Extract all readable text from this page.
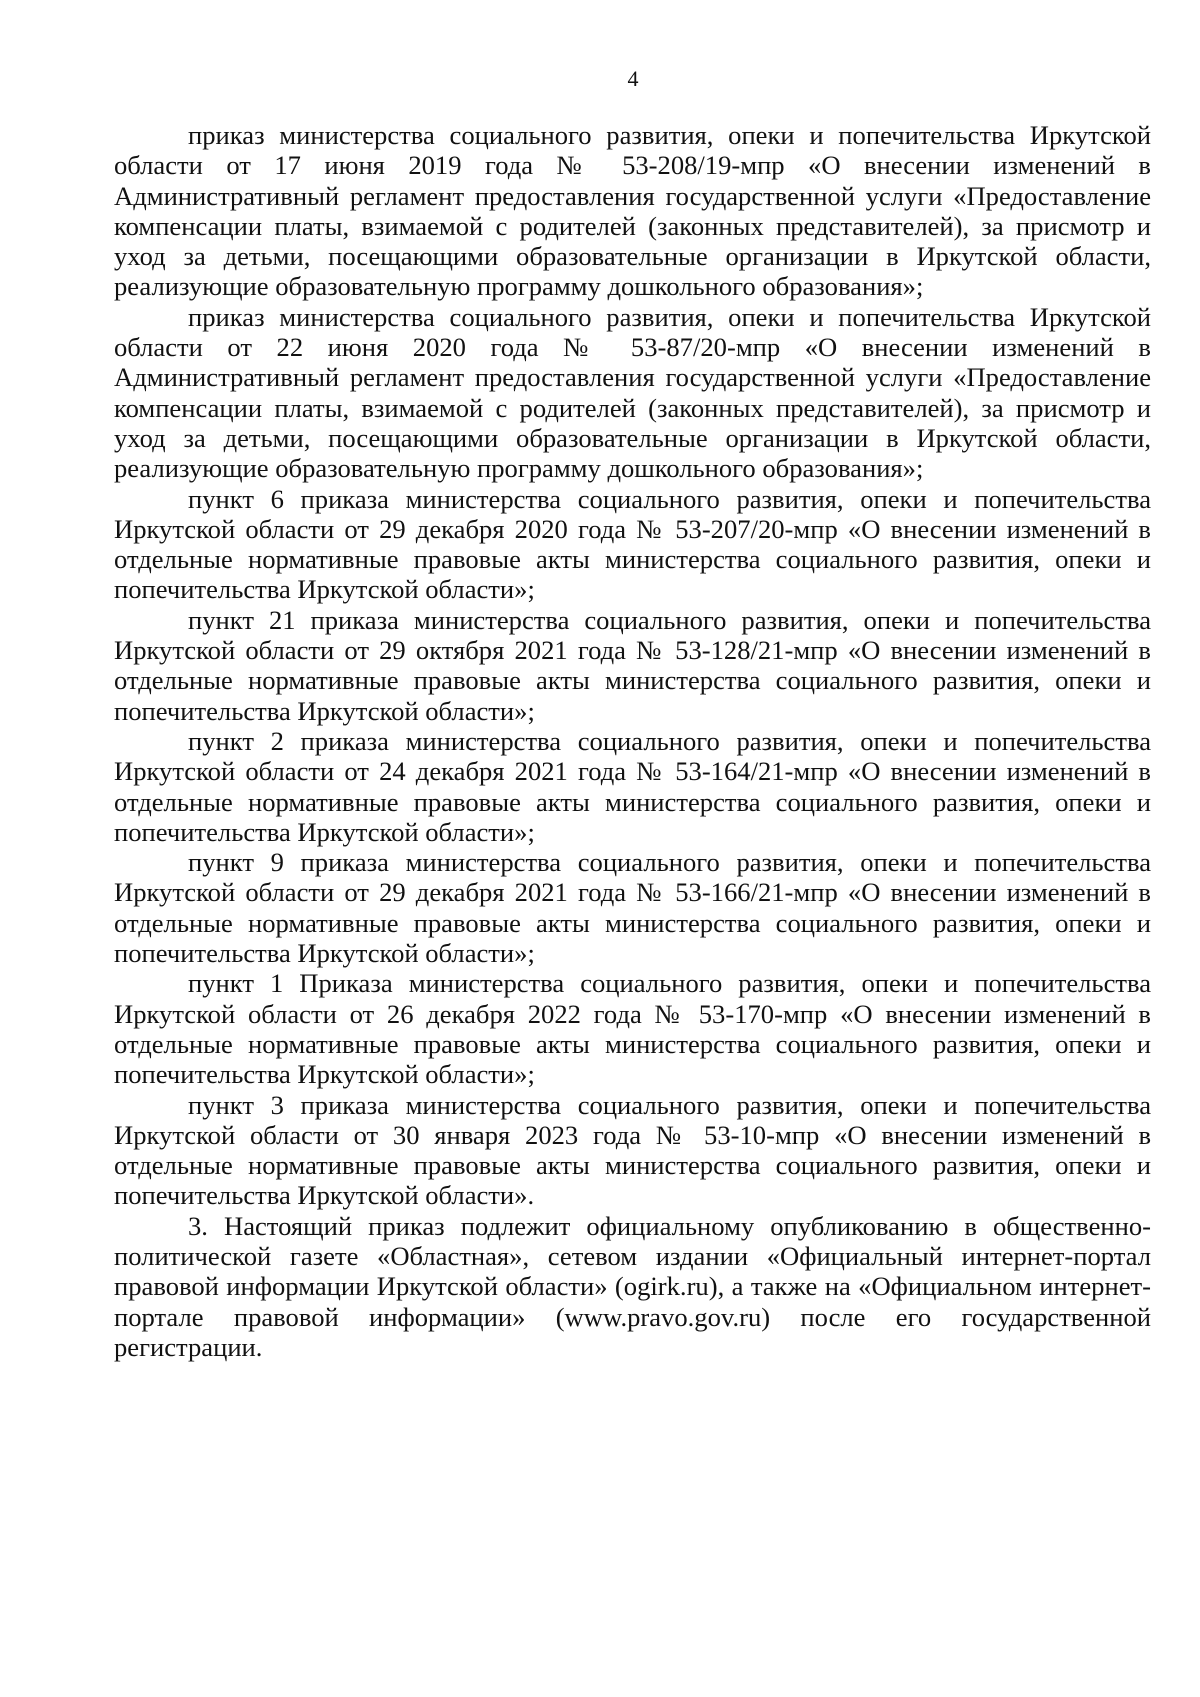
4

приказ министерства социального развития, опеки и попечительства Иркутской области от 17 июня 2019 года № 53-208/19-мпр «О внесении изменений в Административный регламент предоставления государственной услуги «Предоставление компенсации платы, взимаемой с родителей (законных представителей), за присмотр и уход за детьми, посещающими образовательные организации в Иркутской области, реализующие образовательную программу дошкольного образования»;

приказ министерства социального развития, опеки и попечительства Иркутской области от 22 июня 2020 года № 53-87/20-мпр «О внесении изменений в Административный регламент предоставления государственной услуги «Предоставление компенсации платы, взимаемой с родителей (законных представителей), за присмотр и уход за детьми, посещающими образовательные организации в Иркутской области, реализующие образовательную программу дошкольного образования»;

пункт 6 приказа министерства социального развития, опеки и попечительства Иркутской области от 29 декабря 2020 года № 53-207/20-мпр «О внесении изменений в отдельные нормативные правовые акты министерства социального развития, опеки и попечительства Иркутской области»;

пункт 21 приказа министерства социального развития, опеки и попечительства Иркутской области от 29 октября 2021 года № 53-128/21-мпр «О внесении изменений в отдельные нормативные правовые акты министерства социального развития, опеки и попечительства Иркутской области»;

пункт 2 приказа министерства социального развития, опеки и попечительства Иркутской области от 24 декабря 2021 года № 53-164/21-мпр «О внесении изменений в отдельные нормативные правовые акты министерства социального развития, опеки и попечительства Иркутской области»;

пункт 9 приказа министерства социального развития, опеки и попечительства Иркутской области от 29 декабря 2021 года № 53-166/21-мпр «О внесении изменений в отдельные нормативные правовые акты министерства социального развития, опеки и попечительства Иркутской области»;

пункт 1 Приказа министерства социального развития, опеки и попечительства Иркутской области от 26 декабря 2022 года № 53-170-мпр «О внесении изменений в отдельные нормативные правовые акты министерства социального развития, опеки и попечительства Иркутской области»;

пункт 3 приказа министерства социального развития, опеки и попечительства Иркутской области от 30 января 2023 года № 53-10-мпр «О внесении изменений в отдельные нормативные правовые акты министерства социального развития, опеки и попечительства Иркутской области».

3. Настоящий приказ подлежит официальному опубликованию в общественно-политической газете «Областная», сетевом издании «Официальный интернет-портал правовой информации Иркутской области» (ogirk.ru), а также на «Официальном интернет-портале правовой информации» (www.pravo.gov.ru) после его государственной регистрации.
